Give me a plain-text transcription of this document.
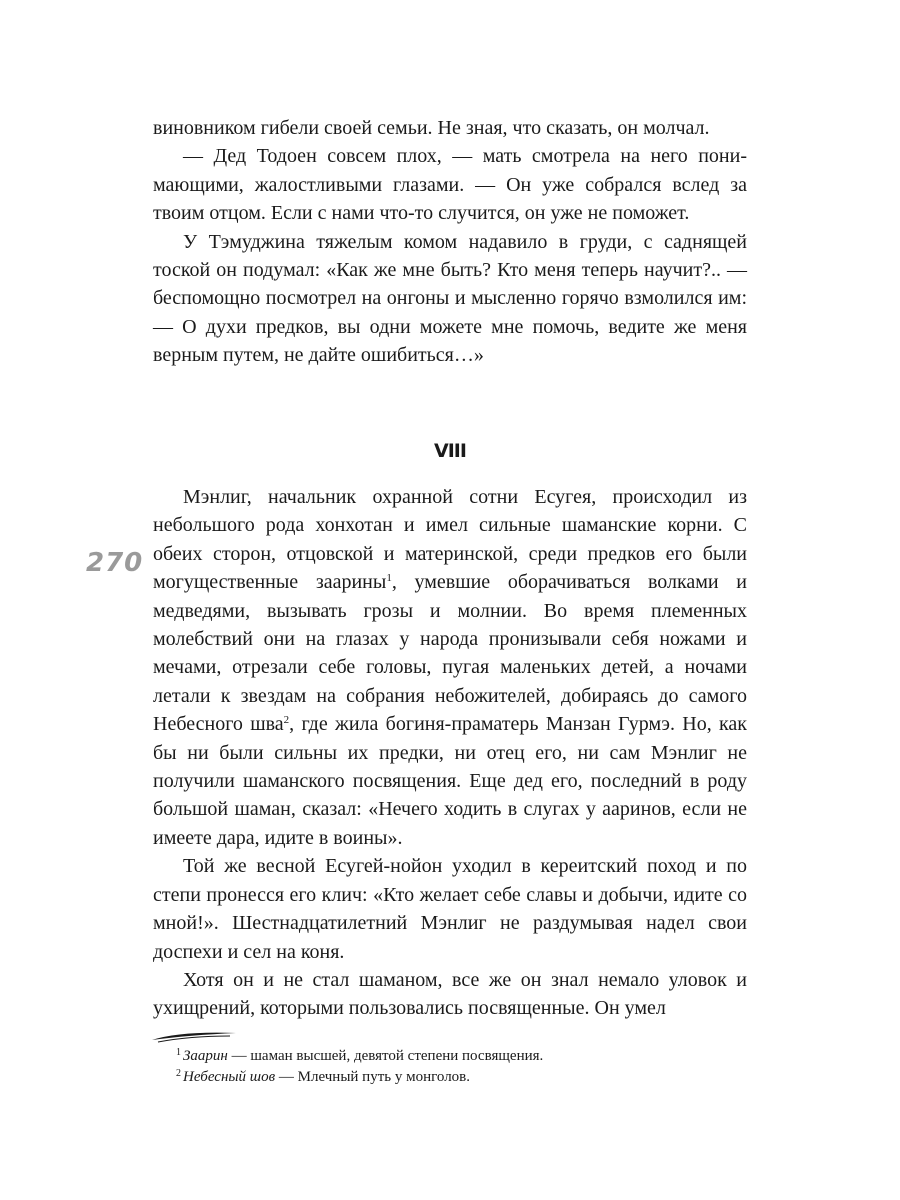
виновником гибели своей семьи. Не зная, что сказать, он молчал.

— Дед Тодоен совсем плох, — мать смотрела на него понимающими, жалостливыми глазами. — Он уже собрался вслед за твоим отцом. Если с нами что-то случится, он уже не поможет.

У Тэмуджина тяжелым комом надавило в груди, с саднящей тоской он подумал: «Как же мне быть? Кто меня теперь научит?.. — беспомощно посмотрел на онгоны и мысленно горячо взмолился им: — О духи предков, вы одни можете мне помочь, ведите же меня верным путем, не дайте ошибиться…»

VIII
270

Мэнлиг, начальник охранной сотни Есугея, происходил из небольшого рода хонхотан и имел сильные шаманские корни. С обеих сторон, отцовской и материнской, среди предков его были могущественные заарины$^1$, умевшие оборачиваться волками и медведями, вызывать грозы и молнии. Во время племенных молебствий они на глазах у народа пронизывали себя ножами и мечами, отрезали себе головы, пугая маленьких детей, а ночами летали к звездам на собрания небожителей, добираясь до самого Небесного шва$^2$, где жила богиня-праматерь Манзан Гурмэ. Но, как бы ни были сильны их предки, ни отец его, ни сам Мэнлиг не получили шаманского посвящения. Еще дед его, последний в роду большой шаман, сказал: «Нечего ходить в слугах у ааринов, если не имеете дара, идите в воины».

Той же весной Есугей-нойон уходил в кереитский поход и по степи пронесся его клич: «Кто желает себе славы и добычи, идите со мной!». Шестнадцатилетний Мэнлиг не раздумывая надел свои доспехи и сел на коня.

Хотя он и не стал шаманом, все же он знал немало уловок и ухищрений, которыми пользовались посвященные. Он умел

$^1$ Заарин — шаман высшей, девятой степени посвящения.
$^2$ Небесный шов — Млечный путь у монголов.
